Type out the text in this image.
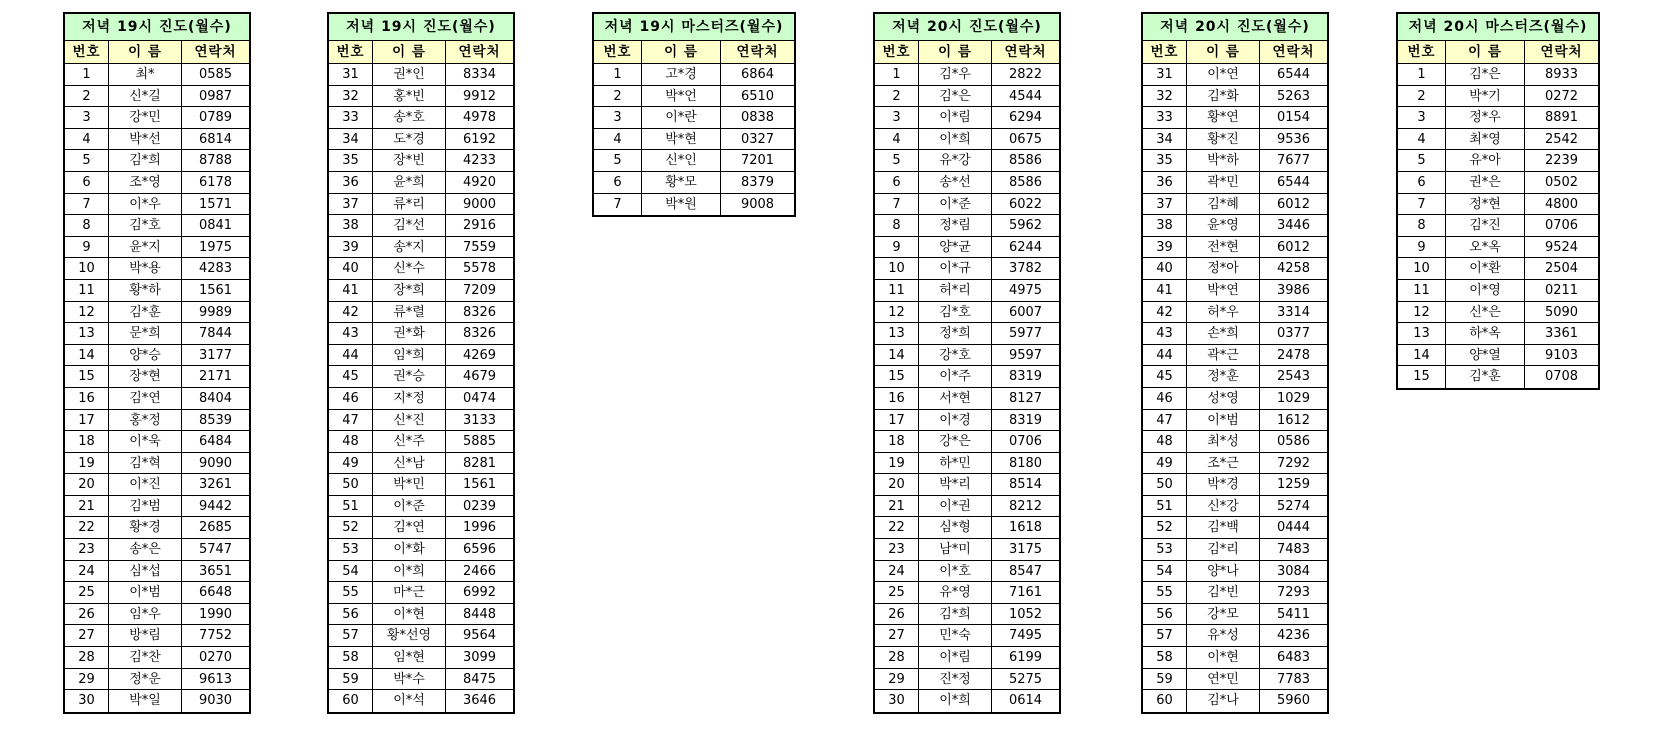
저녁 19시 진도(월수)
번호	이 름	연락처
1	최*	0585
2	신*길	0987
3	강*민	0789
4	박*선	6814
5	김*희	8788
6	조*영	6178
7	이*우	1571
8	김*호	0841
9	윤*지	1975
10	박*용	4283
11	황*하	1561
12	김*훈	9989
13	문*희	7844
14	양*승	3177
15	장*현	2171
16	김*연	8404
17	홍*정	8539
18	이*욱	6484
19	김*혁	9090
20	이*진	3261
21	김*범	9442
22	황*경	2685
23	송*은	5747
24	심*섭	3651
25	이*범	6648
26	임*우	1990
27	방*림	7752
28	김*찬	0270
29	정*운	9613
30	박*일	9030
저녁 19시 진도(월수)
번호	이 름	연락처
31	권*인	8334
32	홍*빈	9912
33	송*호	4978
34	도*경	6192
35	장*빈	4233
36	윤*희	4920
37	류*리	9000
38	김*선	2916
39	송*지	7559
40	신*수	5578
41	장*희	7209
42	류*렬	8326
43	권*화	8326
44	임*희	4269
45	권*승	4679
46	지*정	0474
47	신*진	3133
48	신*주	5885
49	신*남	8281
50	박*민	1561
51	이*준	0239
52	김*연	1996
53	이*화	6596
54	이*희	2466
55	마*근	6992
56	이*현	8448
57	황*선영	9564
58	임*현	3099
59	박*수	8475
60	이*석	3646
저녁 19시 마스터즈(월수)
번호	이 름	연락처
1	고*경	6864
2	박*언	6510
3	이*란	0838
4	박*현	0327
5	신*인	7201
6	황*모	8379
7	박*원	9008
저녁 20시 진도(월수)
번호	이 름	연락처
1	김*우	2822
2	김*은	4544
3	이*림	6294
4	이*희	0675
5	유*강	8586
6	송*선	8586
7	이*준	6022
8	정*림	5962
9	양*균	6244
10	이*규	3782
11	허*리	4975
12	김*호	6007
13	정*희	5977
14	강*호	9597
15	이*주	8319
16	서*현	8127
17	이*경	8319
18	강*은	0706
19	하*민	8180
20	박*리	8514
21	이*권	8212
22	심*형	1618
23	남*미	3175
24	이*호	8547
25	유*영	7161
26	김*희	1052
27	민*숙	7495
28	이*림	6199
29	진*정	5275
30	이*희	0614
저녁 20시 진도(월수)
번호	이 름	연락처
31	이*연	6544
32	김*화	5263
33	황*연	0154
34	황*진	9536
35	박*하	7677
36	곽*민	6544
37	김*혜	6012
38	윤*영	3446
39	전*현	6012
40	정*아	4258
41	박*연	3986
42	허*우	3314
43	손*희	0377
44	곽*근	2478
45	정*훈	2543
46	성*영	1029
47	이*범	1612
48	최*성	0586
49	조*근	7292
50	박*경	1259
51	신*강	5274
52	김*백	0444
53	김*리	7483
54	양*나	3084
55	김*빈	7293
56	강*모	5411
57	유*성	4236
58	이*현	6483
59	연*민	7783
60	김*나	5960
저녁 20시 마스터즈(월수)
번호	이 름	연락처
1	김*은	8933
2	박*기	0272
3	정*우	8891
4	최*영	2542
5	유*아	2239
6	권*은	0502
7	정*현	4800
8	김*진	0706
9	오*옥	9524
10	이*환	2504
11	이*영	0211
12	신*은	5090
13	하*옥	3361
14	양*열	9103
15	김*훈	0708
